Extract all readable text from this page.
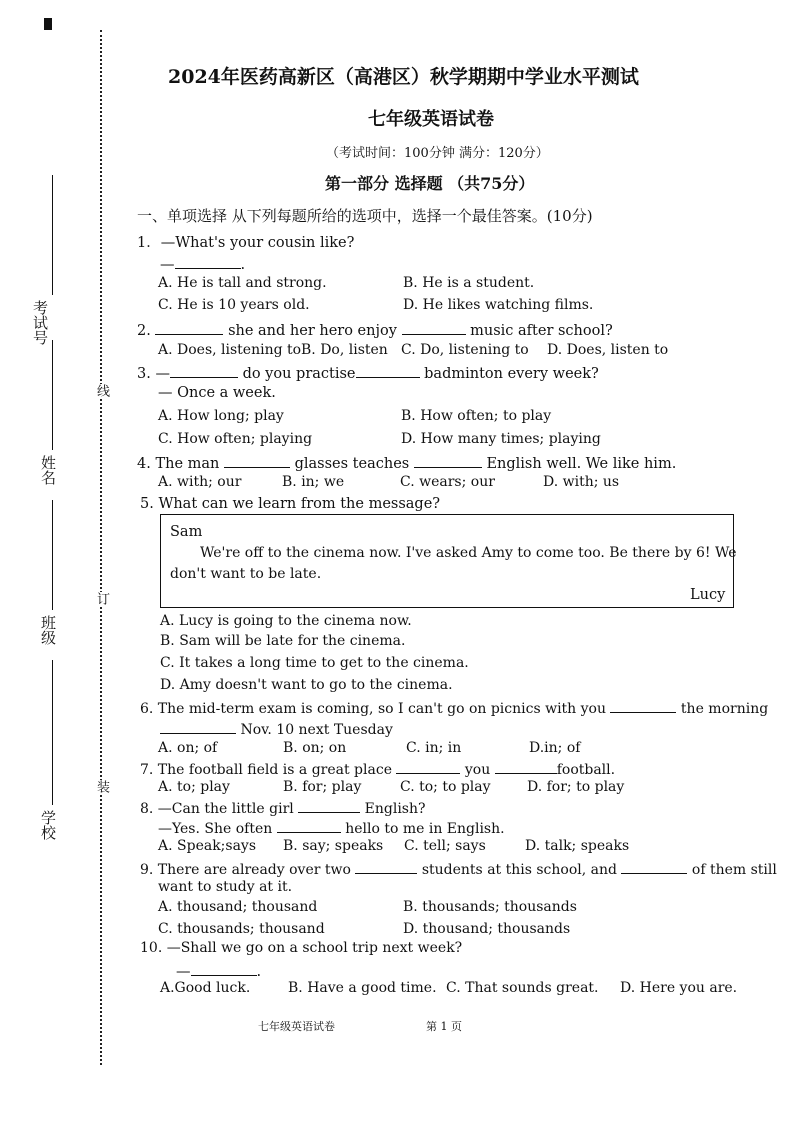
考试号
姓名
班级
学校
线
订
装
2024年医药高新区（高港区）秋学期期中学业水平测试
七年级英语试卷
（考试时间：100分钟 满分：120分）
第一部分 选择题 （共75分）
一、单项选择 从下列每题所给的选项中，选择一个最佳答案。(10分)
1．—What's your cousin like?
—	.
A. He is tall and strong.	B. He is a student.
C. He is 10 years old.	D. He likes watching films.
2.	she and her hero enjoy	music after school?
A. Does, listening to B. Do, listen C. Do, listening to D. Does, listen to
3. —	do you practise	badminton every week?
— Once a week.
A. How long; play	B. How often; to play
C. How often; playing	D. How many times; playing
4. The man	glasses teaches	English well. We like him.
A. with; our	B. in; we	C. wears; our	D. with; us
5. What can we learn from the message?
Sam
We're off to the cinema now. I've asked Amy to come too. Be there by 6! We
don't want to be late.
Lucy
A. Lucy is going to the cinema now.
B. Sam will be late for the cinema.
C. It takes a long time to get to the cinema.
D. Amy doesn't want to go to the cinema.
6. The mid-term exam is coming, so I can't go on picnics with you	the morning
Nov. 10 next Tuesday
A. on; of	B. on; on	C. in; in	D.in; of
7. The football field is a great place	you	football.
A. to; play	B. for; play	C. to; to play	D. for; to play
8. —Can the little girl	English?
—Yes. She often	hello to me in English.
A. Speak;says B. say; speaks C. tell; says	D. talk; speaks
9. There are already over two	students at this school, and	of them still
want to study at it.
A. thousand; thousand	B. thousands; thousands
C. thousands; thousand	D. thousand; thousands
10. —Shall we go on a school trip next week?
—	.
A.Good luck.	B. Have a good time. C. That sounds great. D. Here you are.
七年级英语试卷	第 1 页
